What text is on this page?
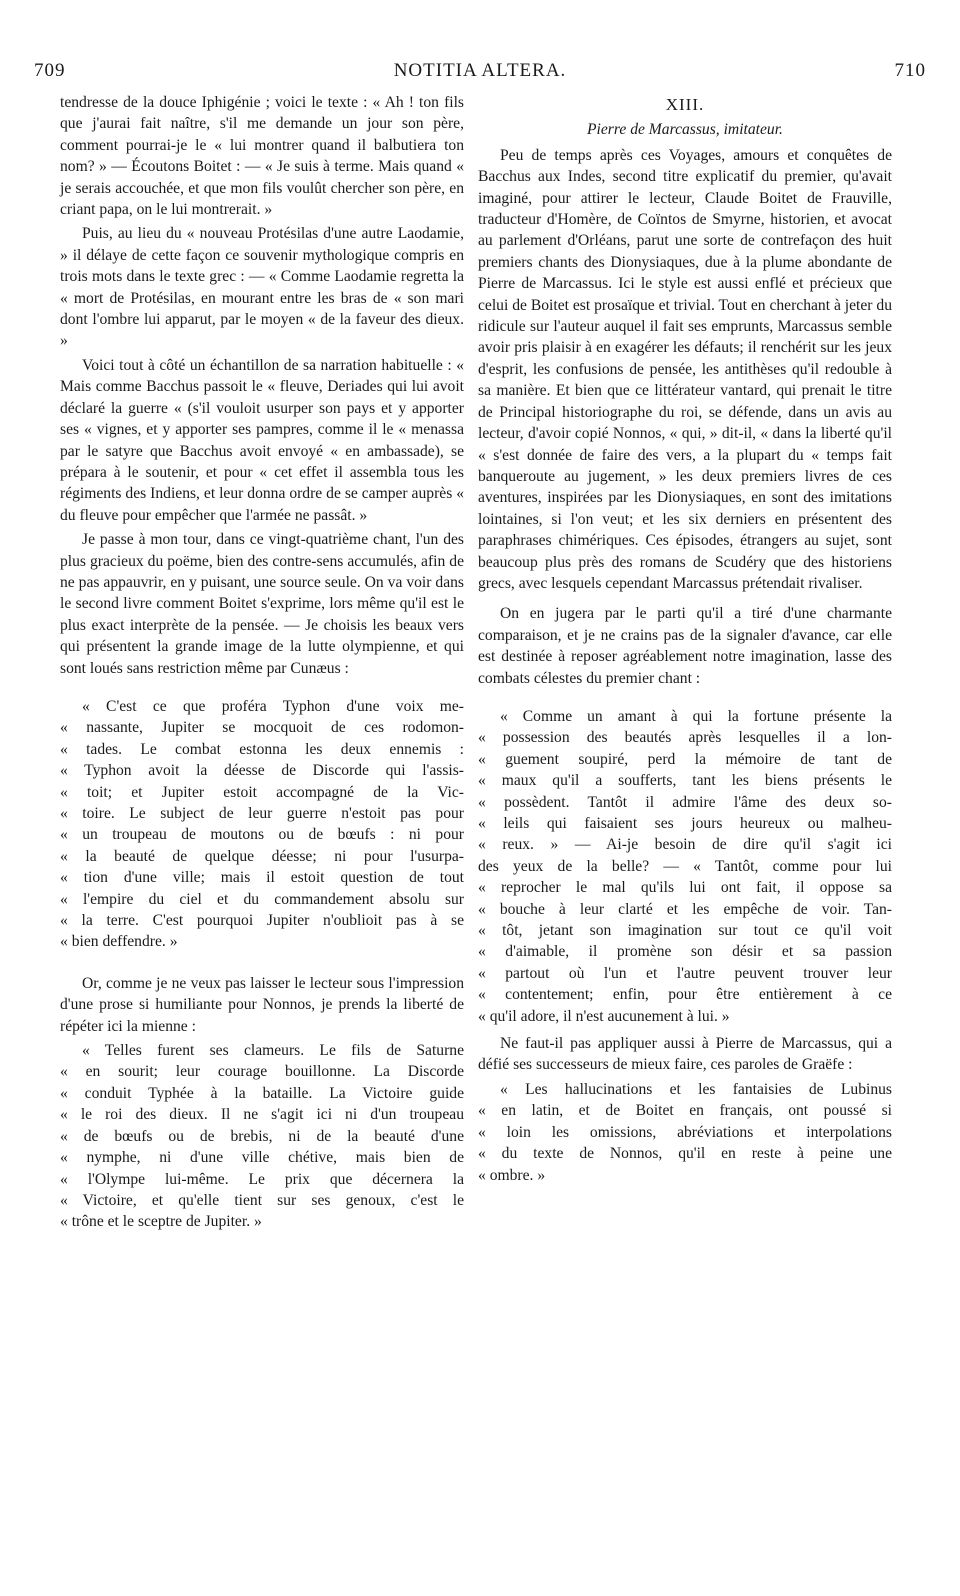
709	NOTITIA ALTERA.	710

tendresse de la douce Iphigénie ; voici le texte : « Ah ! ton fils que j'aurai fait naître, s'il me demande un jour son père, comment pourrai-je le « lui montrer quand il balbutiera ton nom? » — Écoutons Boitet : — « Je suis à terme. Mais quand « je serais accouchée, et que mon fils voulût chercher son père, en criant papa, on le lui montrerait. »

Puis, au lieu du « nouveau Protésilas d'une autre Laodamie, » il délaye de cette façon ce souvenir mythologique compris en trois mots dans le texte grec : — « Comme Laodamie regretta la « mort de Protésilas, en mourant entre les bras de « son mari dont l'ombre lui apparut, par le moyen « de la faveur des dieux. »

Voici tout à côté un échantillon de sa narration habituelle : « Mais comme Bacchus passoit le « fleuve, Deriades qui lui avoit déclaré la guerre « (s'il vouloit usurper son pays et y apporter ses « vignes, et y apporter ses pampres, comme il le « menassa par le satyre que Bacchus avoit envoyé « en ambassade), se prépara à le soutenir, et pour « cet effet il assembla tous les régiments des Indiens, et leur donna ordre de se camper auprès « du fleuve pour empêcher que l'armée ne passât. »

Je passe à mon tour, dans ce vingt-quatrième chant, l'un des plus gracieux du poëme, bien des contre-sens accumulés, afin de ne pas appauvrir, en y puisant, une source seule. On va voir dans le second livre comment Boitet s'exprime, lors même qu'il est le plus exact interprète de la pensée. — Je choisis les beaux vers qui présentent la grande image de la lutte olympienne, et qui sont loués sans restriction même par Cunæus :

« C'est ce que proféra Typhon d'une voix me-
« nassante, Jupiter se mocquoit de ces rodomon-
« tades. Le combat estonna les deux ennemis :
« Typhon avoit la déesse de Discorde qui l'assis-
« toit; et Jupiter estoit accompagné de la Vic-
« toire. Le subject de leur guerre n'estoit pas pour
« un troupeau de moutons ou de bœufs : ni pour
« la beauté de quelque déesse; ni pour l'usurpa-
« tion d'une ville; mais il estoit question de tout
« l'empire du ciel et du commandement absolu sur
« la terre. C'est pourquoi Jupiter n'oublioit pas à se
« bien deffendre. »

Or, comme je ne veux pas laisser le lecteur sous l'impression d'une prose si humiliante pour Nonnos, je prends la liberté de répéter ici la mienne :

« Telles furent ses clameurs. Le fils de Saturne
« en sourit; leur courage bouillonne. La Discorde
« conduit Typhée à la bataille. La Victoire guide
« le roi des dieux. Il ne s'agit ici ni d'un troupeau
« de bœufs ou de brebis, ni de la beauté d'une
« nymphe, ni d'une ville chétive, mais bien de
« l'Olympe lui-même. Le prix que décernera la
« Victoire, et qu'elle tient sur ses genoux, c'est le
« trône et le sceptre de Jupiter. »
XIII.
Pierre de Marcassus, imitateur.

Peu de temps après ces Voyages, amours et conquêtes de Bacchus aux Indes, second titre explicatif du premier, qu'avait imaginé, pour attirer le lecteur, Claude Boitet de Frauville, traducteur d'Homère, de Coïntos de Smyrne, historien, et avocat au parlement d'Orléans, parut une sorte de contrefaçon des huit premiers chants des Dionysiaques, due à la plume abondante de Pierre de Marcassus. Ici le style est aussi enflé et précieux que celui de Boitet est prosaïque et trivial. Tout en cherchant à jeter du ridicule sur l'auteur auquel il fait ses emprunts, Marcassus semble avoir pris plaisir à en exagérer les défauts; il renchérit sur les jeux d'esprit, les confusions de pensée, les antithèses qu'il redouble à sa manière. Et bien que ce littérateur vantard, qui prenait le titre de Principal historiographe du roi, se défende, dans un avis au lecteur, d'avoir copié Nonnos, « qui, » dit-il, « dans la liberté qu'il « s'est donnée de faire des vers, a la plupart du « temps fait banqueroute au jugement, » les deux premiers livres de ces aventures, inspirées par les Dionysiaques, en sont des imitations lointaines, si l'on veut; et les six derniers en présentent des paraphrases chimériques. Ces épisodes, étrangers au sujet, sont beaucoup plus près des romans de Scudéry que des historiens grecs, avec lesquels cependant Marcassus prétendait rivaliser.

On en jugera par le parti qu'il a tiré d'une charmante comparaison, et je ne crains pas de la signaler d'avance, car elle est destinée à reposer agréablement notre imagination, lasse des combats célestes du premier chant :

« Comme un amant à qui la fortune présente la
« possession des beautés après lesquelles il a lon-
« guement soupiré, perd la mémoire de tant de
« maux qu'il a soufferts, tant les biens présents le
« possèdent. Tantôt il admire l'âme des deux so-
« leils qui faisaient ses jours heureux ou malheu-
« reux. » — Ai-je besoin de dire qu'il s'agit ici
des yeux de la belle? — « Tantôt, comme pour lui
« reprocher le mal qu'ils lui ont fait, il oppose sa
« bouche à leur clarté et les empêche de voir. Tan-
« tôt, jetant son imagination sur tout ce qu'il voit
« d'aimable, il promène son désir et sa passion
« partout où l'un et l'autre peuvent trouver leur
« contentement; enfin, pour être entièrement à ce
« qu'il adore, il n'est aucunement à lui. »

Ne faut-il pas appliquer aussi à Pierre de Marcassus, qui a défié ses successeurs de mieux faire, ces paroles de Graëfe :

« Les hallucinations et les fantaisies de Lubinus
« en latin, et de Boitet en français, ont poussé si
« loin les omissions, abréviations et interpolations
« du texte de Nonnos, qu'il en reste à peine une
« ombre. »
